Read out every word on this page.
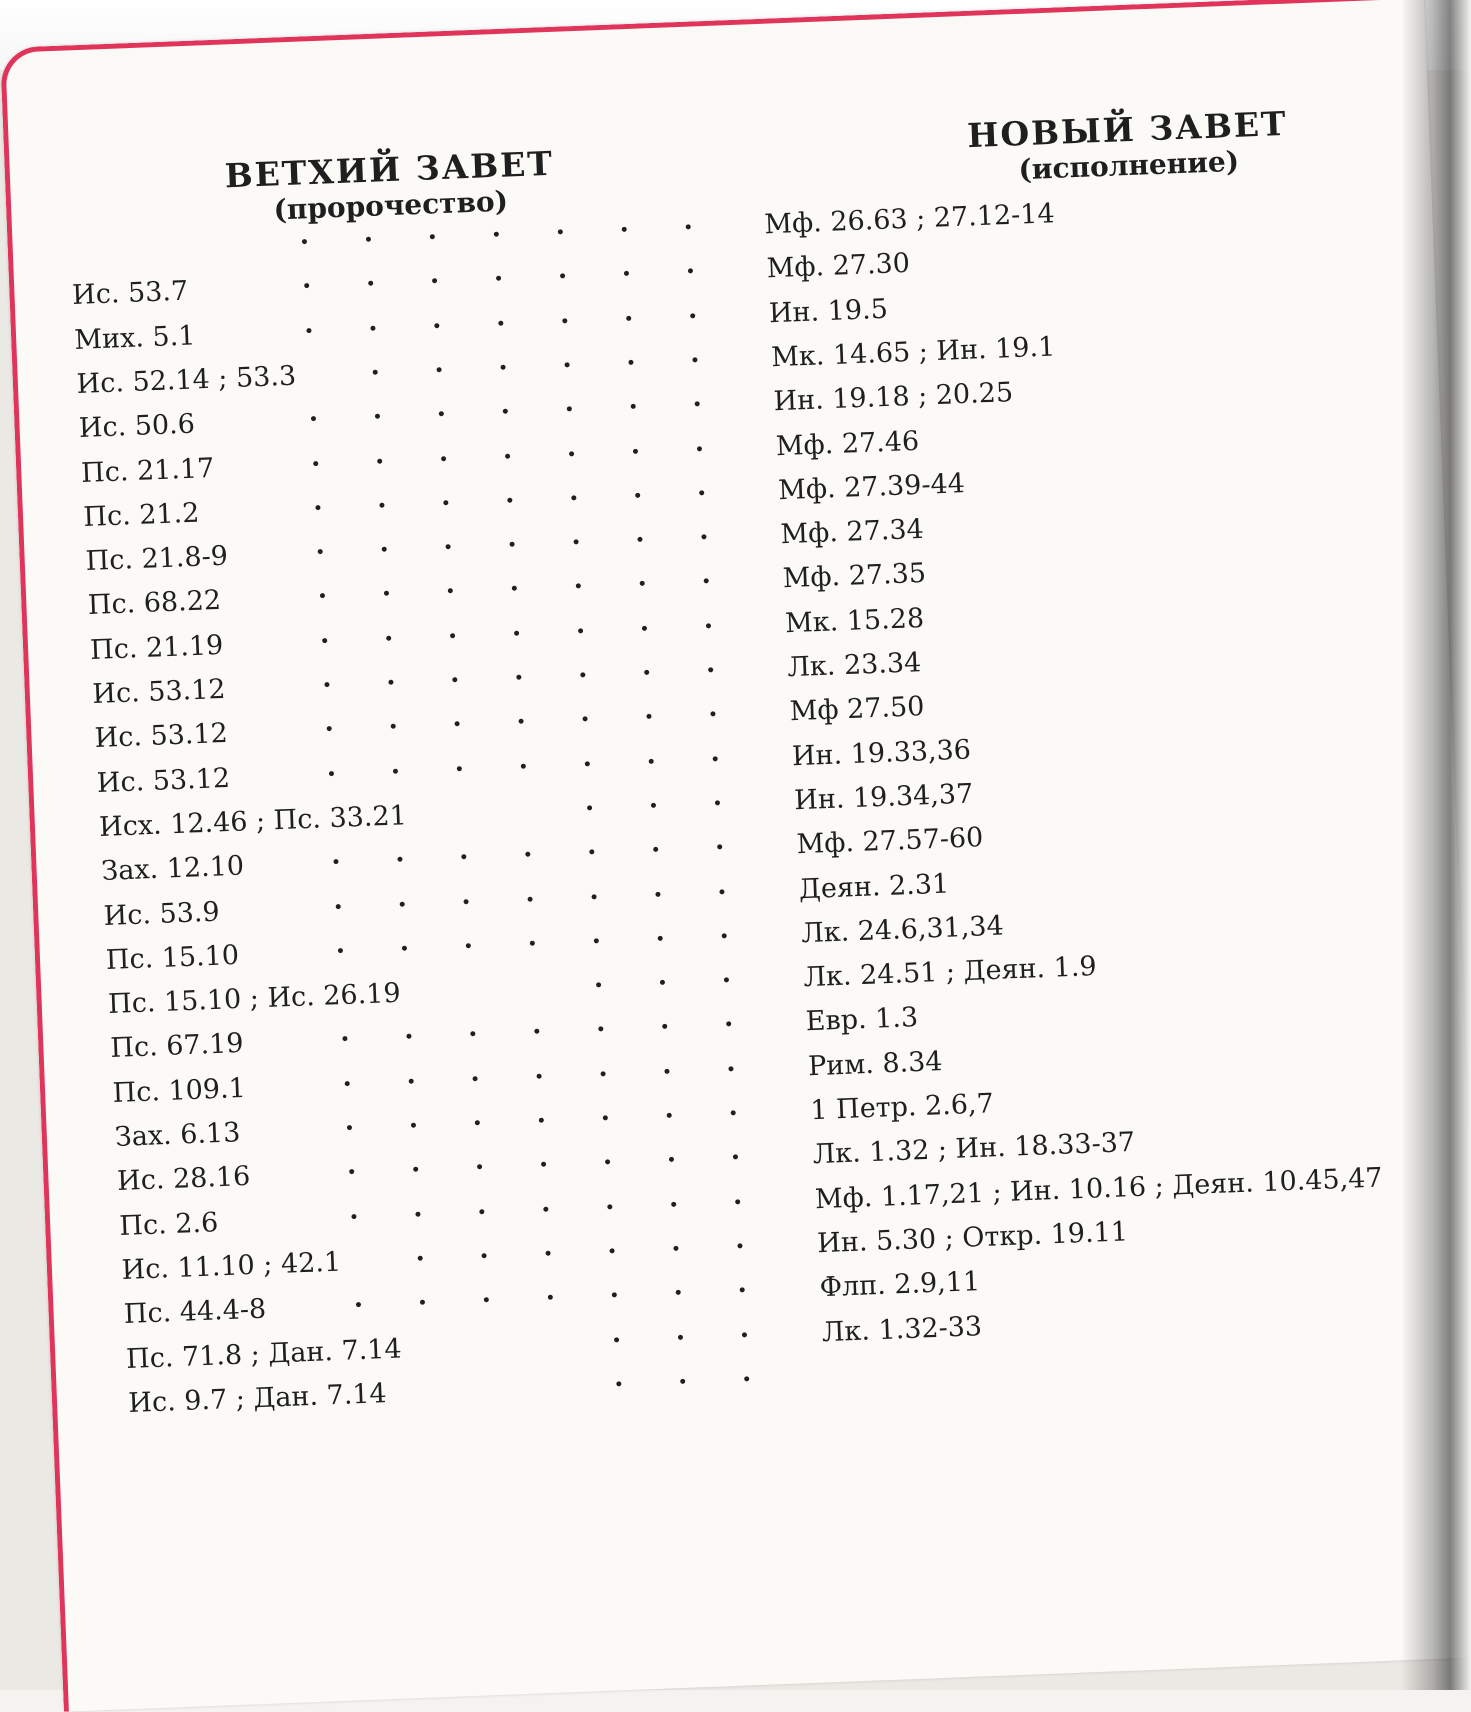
ВЕТХИЙ ЗАВЕТ
(пророчество)
НОВЫЙ ЗАВЕТ
(исполнение)
· · · · · · ·	Мф. 26.63 ; 27.12-14
Ис. 53.7	· · · · · · ·	Мф. 27.30
Мих. 5.1	· · · · · · ·	Ин. 19.5
Ис. 52.14 ; 53.3	· · · · · ·	Мк. 14.65 ; Ин. 19.1
Ис. 50.6	· · · · · · ·	Ин. 19.18 ; 20.25
Пс. 21.17	· · · · · · ·	Мф. 27.46
Пс. 21.2	· · · · · · ·	Мф. 27.39-44
Пс. 21.8-9	· · · · · · ·	Мф. 27.34
Пс. 68.22	· · · · · · ·	Мф. 27.35
Пс. 21.19	· · · · · · ·	Мк. 15.28
Ис. 53.12	· · · · · · ·	Лк. 23.34
Ис. 53.12	· · · · · · ·	Мф 27.50
Ис. 53.12	· · · · · · ·	Ин. 19.33,36
Исх. 12.46 ; Пс. 33.21	· · ·	Ин. 19.34,37
Зах. 12.10	· · · · · · ·	Мф. 27.57-60
Ис. 53.9	· · · · · · ·	Деян. 2.31
Пс. 15.10	· · · · · · ·	Лк. 24.6,31,34
Пс. 15.10 ; Ис. 26.19	· · ·	Лк. 24.51 ; Деян. 1.9
Пс. 67.19	· · · · · · ·	Евр. 1.3
Пс. 109.1	· · · · · · ·	Рим. 8.34
Зах. 6.13	· · · · · · ·	1 Петр. 2.6,7
Ис. 28.16	· · · · · · ·	Лк. 1.32 ; Ин. 18.33-37
Пс. 2.6	· · · · · · ·	Мф. 1.17,21 ; Ин. 10.16 ; Деян. 10.45,47
Ис. 11.10 ; 42.1	· · · · · ·	Ин. 5.30 ; Откр. 19.11
Пс. 44.4-8	· · · · · · ·	Флп. 2.9,11
Пс. 71.8 ; Дан. 7.14	· · ·	Лк. 1.32-33
Ис. 9.7 ; Дан. 7.14	· · ·
